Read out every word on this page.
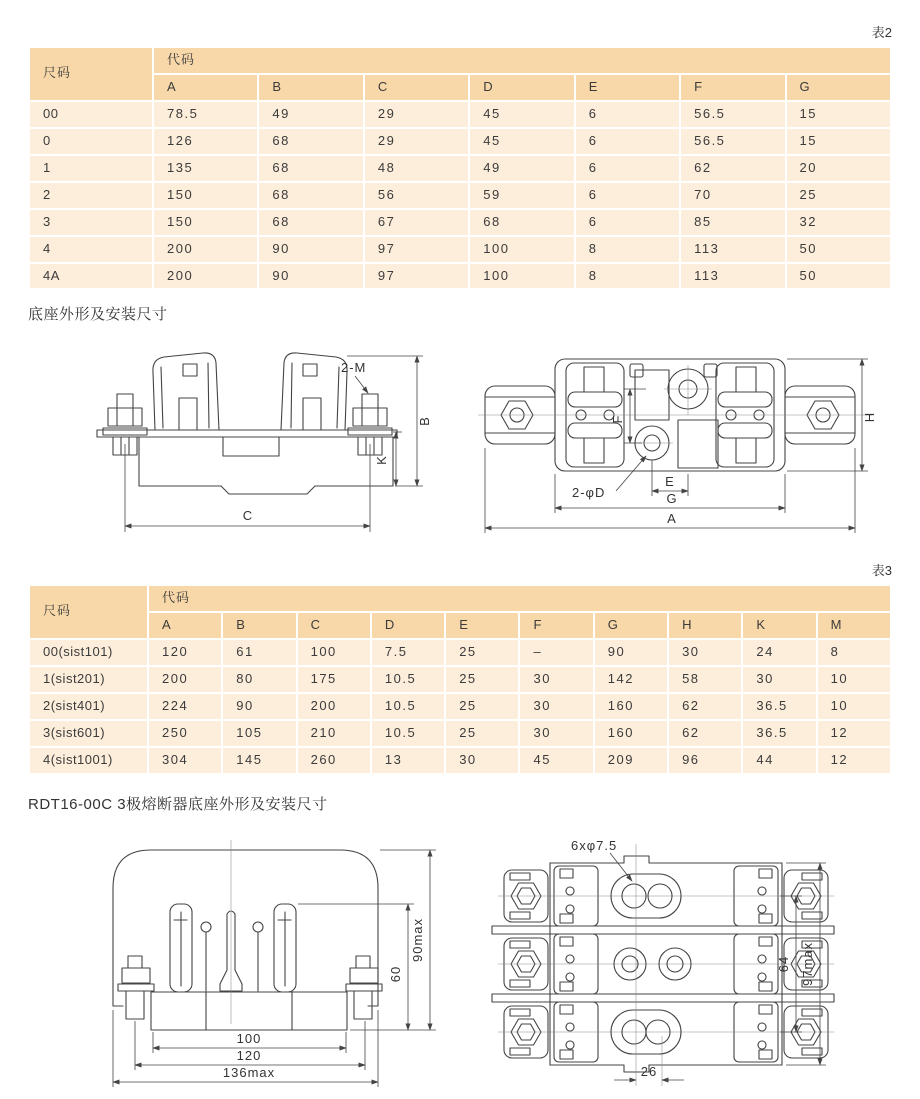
表2
尺码	代码						
	A	B	C	D	E	F	G
00	78.5	49	29	45	6	56.5	15
0	126	68	29	45	6	56.5	15
1	135	68	48	49	6	62	20
2	150	68	56	59	6	70	25
3	150	68	67	68	6	85	32
4	200	90	97	100	8	113	50
4A	200	90	97	100	8	113	50
底座外形及安装尺寸
C
B
K
2-M
F	H
E
G
A
2-φD
表3
尺码	代码									
	A	B	C	D	E	F	G	H	K	M
00(sist101)	120	61	100	7.5	25	–	90	30	24	8
1(sist201)	200	80	175	10.5	25	30	142	58	30	10
2(sist401)	224	90	200	10.5	25	30	160	62	36.5	10
3(sist601)	250	105	210	10.5	25	30	160	62	36.5	12
4(sist1001)	304	145	260	13	30	45	209	96	44	12
RDT16-00C 3极熔断器底座外形及安装尺寸
90max
60
100
120
136max
6xφ7.5
64 97max
26
